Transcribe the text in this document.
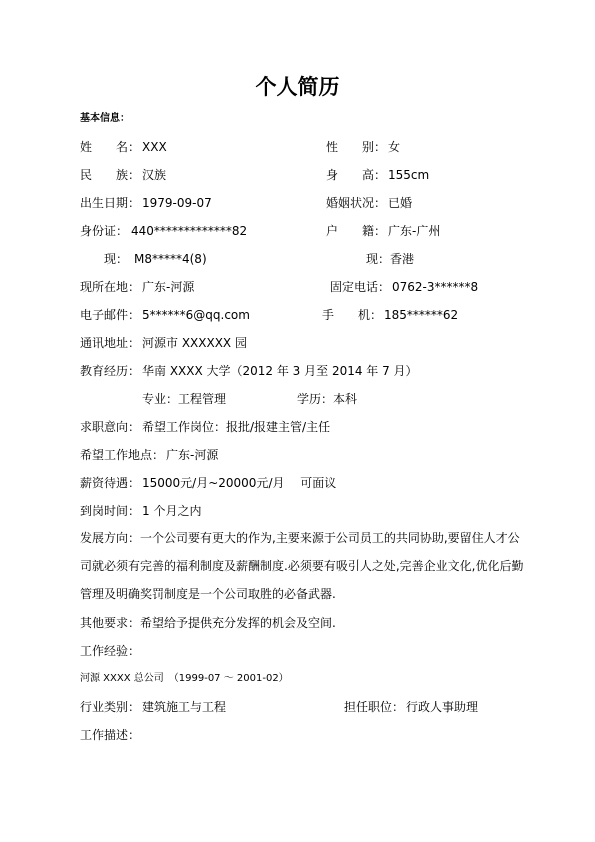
个人简历
基本信息：
姓　　名： XXX	性　　别： 女
民　　族： 汉族	身　　高： 155cm
出生日期： 1979-09-07	婚姻状况： 已婚
身份证： 440*************82	户　　籍： 广东-广州
现： M8*****4(8)	现： 香港
现所在地： 广东-河源	固定电话： 0762-3******8
电子邮件： 5******6@qq.com	手　　机： 185******62
通讯地址： 河源市 XXXXXX 园
教育经历： 华南 XXXX 大学（2012 年 3 月至 2014 年 7 月）
专业： 工程管理	学历： 本科
求职意向： 希望工作岗位：报批/报建主管/主任
希望工作地点： 广东-河源
薪资待遇： 15000元/月~20000元/月　 可面议
到岗时间： 1 个月之内
发展方向：一个公司要有更大的作为,主要来源于公司员工的共同协助,要留住人才公司就必须有完善的福利制度及薪酬制度.必须要有吸引人之处,完善企业文化,优化后勤管理及明确奖罚制度是一个公司取胜的必备武器.
其他要求：希望给予提供充分发挥的机会及空间.
工作经验：
河源 XXXX 总公司　（1999-07 ～ 2001-02）
行业类别： 建筑施工与工程	担任职位： 行政人事助理
工作描述：
